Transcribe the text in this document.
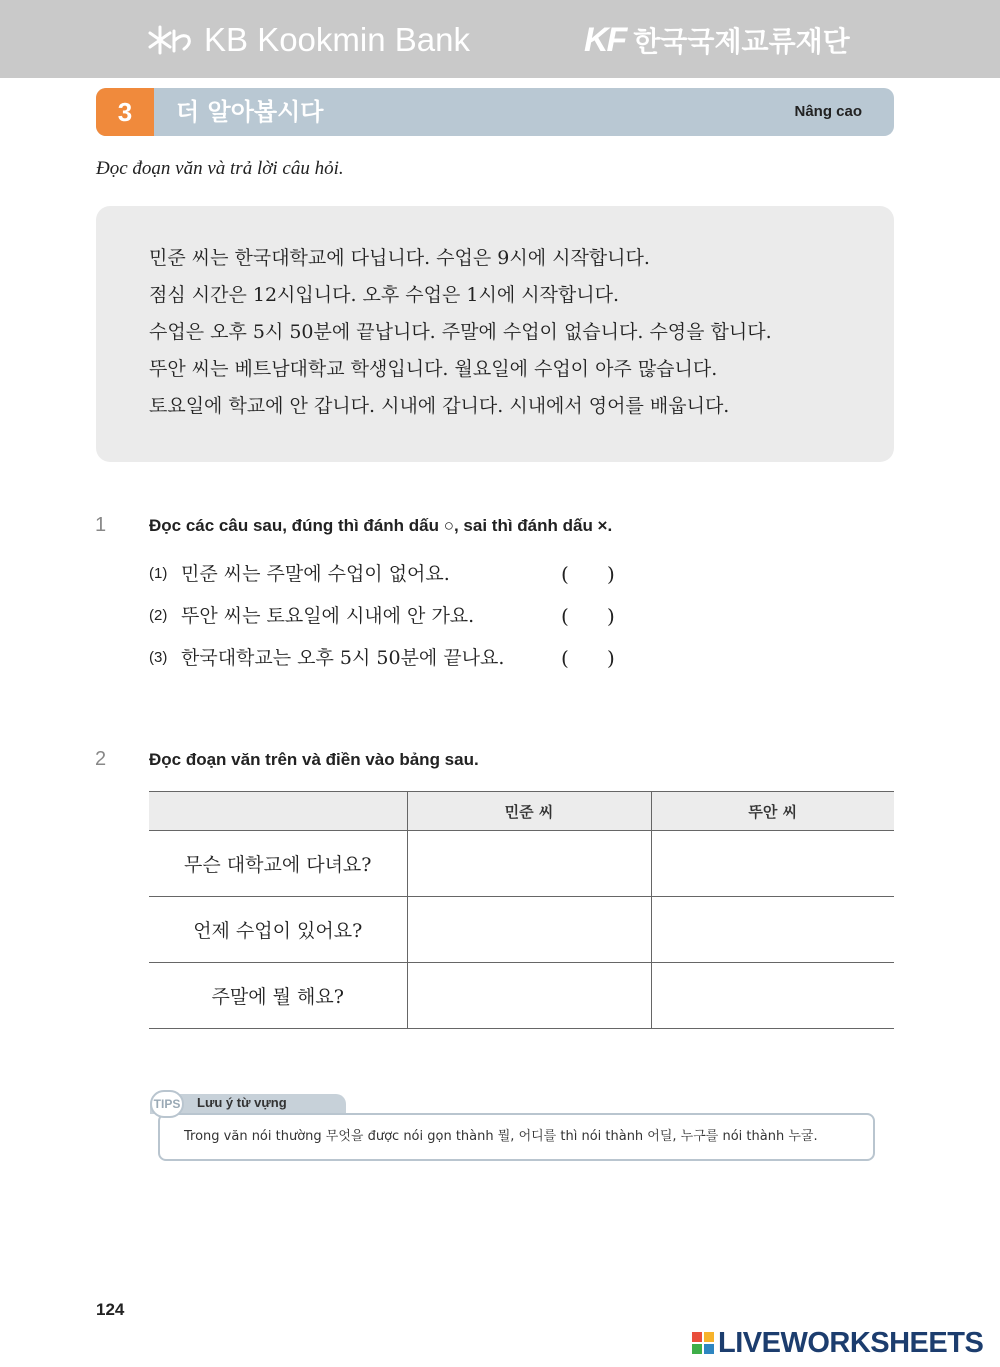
KB Kookmin Bank	KF 한국국제교류재단
3	더 알아봅시다	Nâng cao
Đọc đoạn văn và trả lời câu hỏi.
민준 씨는 한국대학교에 다닙니다. 수업은 9시에 시작합니다.
점심 시간은 12시입니다. 오후 수업은 1시에 시작합니다.
수업은 오후 5시 50분에 끝납니다. 주말에 수업이 없습니다. 수영을 합니다.
뚜안 씨는 베트남대학교 학생입니다. 월요일에 수업이 아주 많습니다.
토요일에 학교에 안 갑니다. 시내에 갑니다. 시내에서 영어를 배웁니다.
1	Đọc các câu sau, đúng thì đánh dấu ○, sai thì đánh dấu ×.
(1) 민준 씨는 주말에 수업이 없어요.	(      )
(2) 뚜안 씨는 토요일에 시내에 안 가요.	(      )
(3) 한국대학교는 오후 5시 50분에 끝나요.	(      )
2	Đọc đoạn văn trên và điền vào bảng sau.
	민준 씨	뚜안 씨
무슨 대학교에 다녀요?		
언제 수업이 있어요?		
주말에 뭘 해요?		
Trong văn nói thường 무엇을 được nói gọn thành 뭘, 어디를 thì nói thành 어딜, 누구를 nói thành 누굴.
TIPS Lưu ý từ vựng
124
LIVEWORKSHEETS
